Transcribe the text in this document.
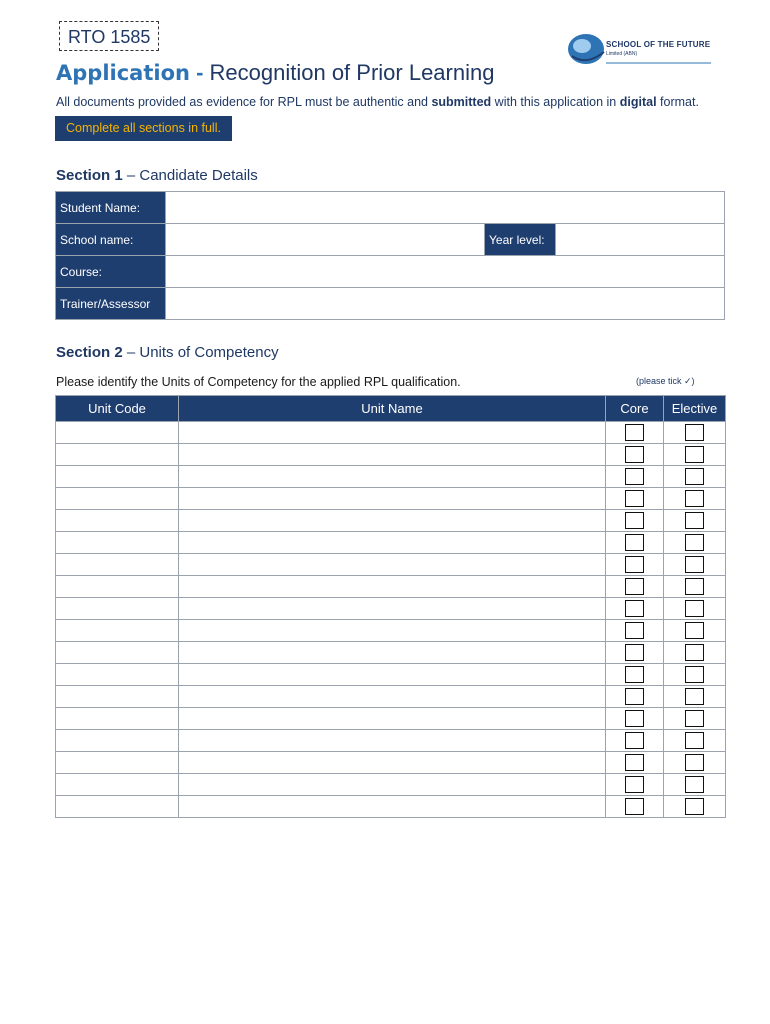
RTO 1585	SCHOOL OF THE FUTURE
Limited (ABN)
Application - Recognition of Prior Learning
All documents provided as evidence for RPL must be authentic and submitted with this application in digital format.
Complete all sections in full.
Section 1 – Candidate Details
Student Name:			
School name:		Year level:	
Course:			
Trainer/Assessor			
Section 2 – Units of Competency
Please identify the Units of Competency for the applied RPL qualification.	(please tick ✓)
Unit Code	Unit Name	Core	Elective
